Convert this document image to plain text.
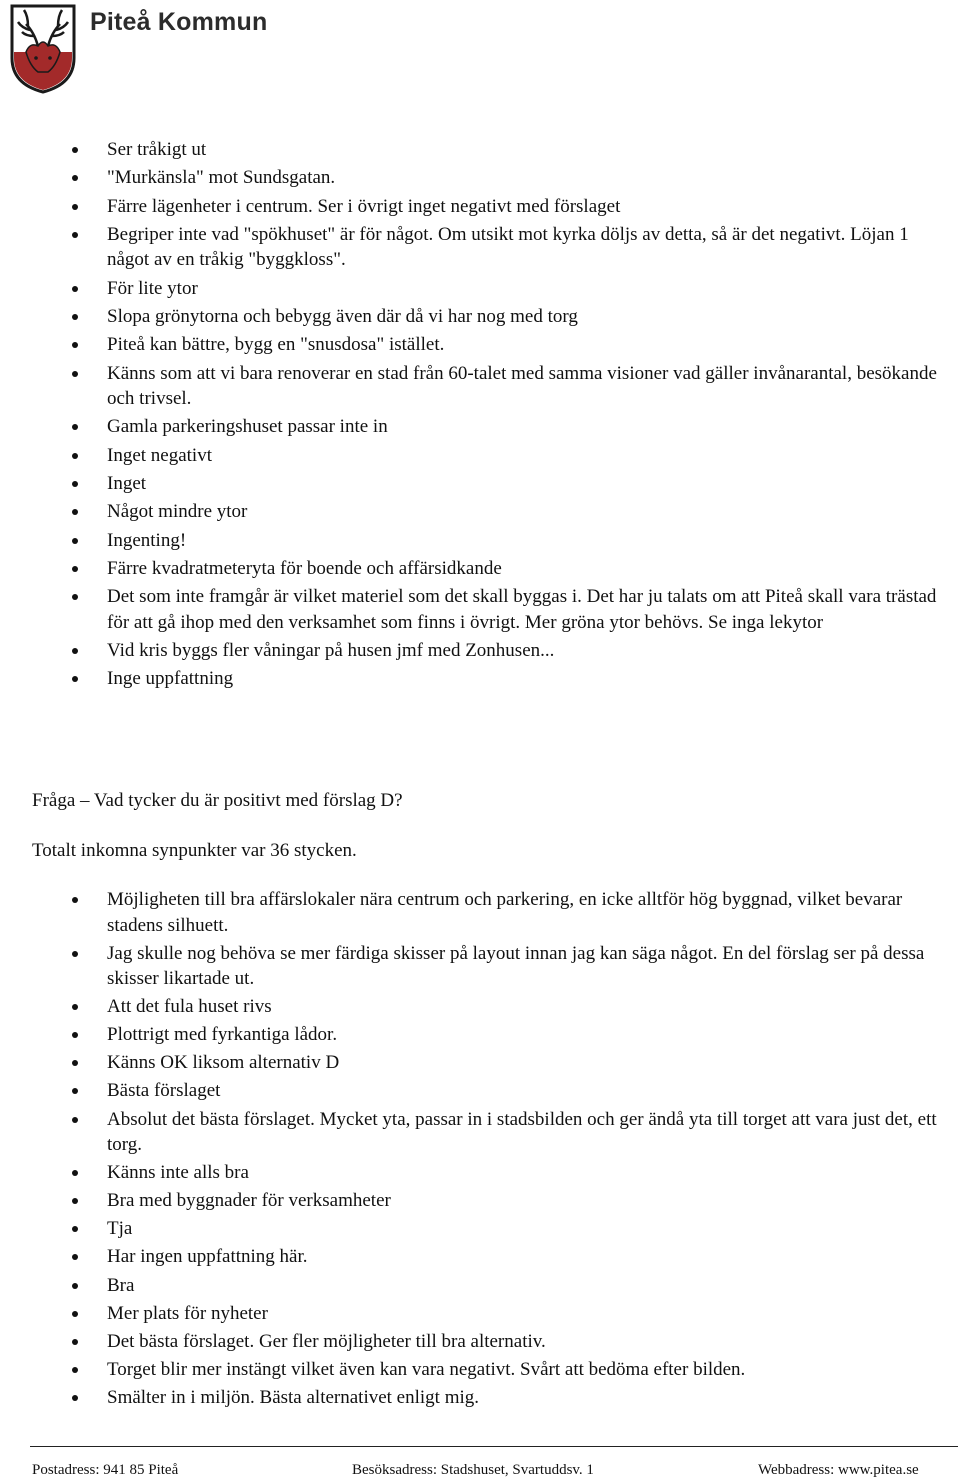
Piteå Kommun
Ser tråkigt ut
"Murkänsla" mot Sundsgatan.
Färre lägenheter i centrum. Ser i övrigt inget negativt med förslaget
Begriper inte vad "spökhuset" är för något. Om utsikt mot kyrka döljs av detta, så är det negativt. Löjan 1 något av en tråkig "byggkloss".
För lite ytor
Slopa grönytorna och bebygg även där då vi har nog med torg
Piteå kan bättre, bygg en "snusdosa" istället.
Känns som att vi bara renoverar en stad från 60-talet med samma visioner vad gäller invånarantal, besökande och trivsel.
Gamla parkeringshuset passar inte in
Inget negativt
Inget
Något mindre ytor
Ingenting!
Färre kvadratmeteryta för boende och affärsidkande
Det som inte framgår är vilket materiel som det skall byggas i. Det har ju talats om att Piteå skall vara trästad för att gå ihop med den verksamhet som finns i övrigt. Mer gröna ytor behövs. Se inga lekytor
Vid kris byggs fler våningar på husen jmf med Zonhusen...
Inge uppfattning
Fråga – Vad tycker du är positivt med förslag D?
Totalt inkomna synpunkter var 36 stycken.
Möjligheten till bra affärslokaler nära centrum och parkering, en icke alltför hög byggnad, vilket bevarar stadens silhuett.
Jag skulle nog behöva se mer färdiga skisser på layout innan jag kan säga något. En del förslag ser på dessa skisser likartade ut.
Att det fula huset rivs
Plottrigt med fyrkantiga lådor.
Känns OK liksom alternativ D
Bästa förslaget
Absolut det bästa förslaget. Mycket yta, passar in i stadsbilden och ger ändå yta till torget att vara just det, ett torg.
Känns inte alls bra
Bra med byggnader för verksamheter
Tja
Har ingen uppfattning här.
Bra
Mer plats för nyheter
Det bästa förslaget. Ger fler möjligheter till bra alternativ.
Torget blir mer instängt vilket även kan vara negativt. Svårt att bedöma efter bilden.
Smälter in i miljön. Bästa alternativet enligt mig.
Postadress: 941 85 Piteå	Besöksadress: Stadshuset, Svartuddsv. 1	Webbadress: www.pitea.se
